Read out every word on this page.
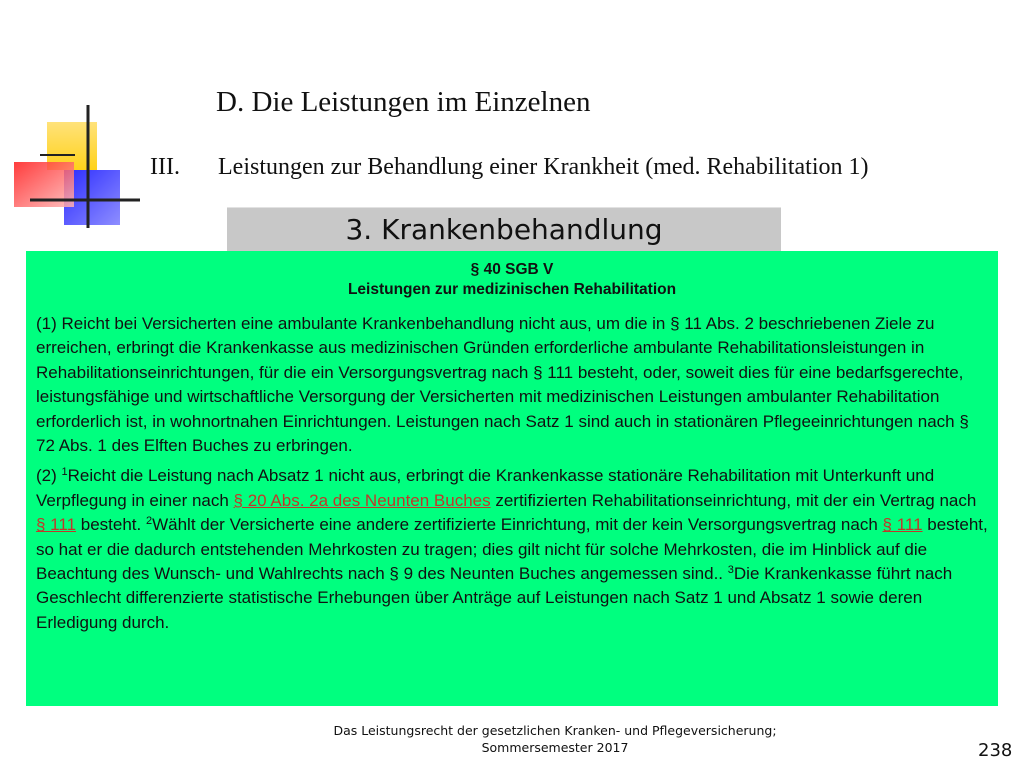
D. Die Leistungen im Einzelnen
III. Leistungen zur Behandlung einer Krankheit (med. Rehabilitation 1)
3. Krankenbehandlung
§ 40 SGB V
Leistungen zur medizinischen Rehabilitation

(1) Reicht bei Versicherten eine ambulante Krankenbehandlung nicht aus, um die in § 11 Abs. 2 beschriebenen Ziele zu erreichen, erbringt die Krankenkasse aus medizinischen Gründen erforderliche ambulante Rehabilitationsleistungen in Rehabilitationseinrichtungen, für die ein Versorgungsvertrag nach § 111 besteht, oder, soweit dies für eine bedarfsgerechte, leistungsfähige und wirtschaftliche Versorgung der Versicherten mit medizinischen Leistungen ambulanter Rehabilitation erforderlich ist, in wohnortnahen Einrichtungen. Leistungen nach Satz 1 sind auch in stationären Pflegeeinrichtungen nach § 72 Abs. 1 des Elften Buches zu erbringen.

(2) $^1$Reicht die Leistung nach Absatz 1 nicht aus, erbringt die Krankenkasse stationäre Rehabilitation mit Unterkunft und Verpflegung in einer nach § 20 Abs. 2a des Neunten Buches zertifizierten Rehabilitationseinrichtung, mit der ein Vertrag nach § 111 besteht. $^2$Wählt der Versicherte eine andere zertifizierte Einrichtung, mit der kein Versorgungsvertrag nach § 111 besteht, so hat er die dadurch entstehenden Mehrkosten zu tragen; dies gilt nicht für solche Mehrkosten, die im Hinblick auf die Beachtung des Wunsch- und Wahlrechts nach § 9 des Neunten Buches angemessen sind.. $^3$Die Krankenkasse führt nach Geschlecht differenzierte statistische Erhebungen über Anträge auf Leistungen nach Satz 1 und Absatz 1 sowie deren Erledigung durch.

Das Leistungsrecht der gesetzlichen Kranken- und Pflegeversicherung;
Sommersemester 2017	238
